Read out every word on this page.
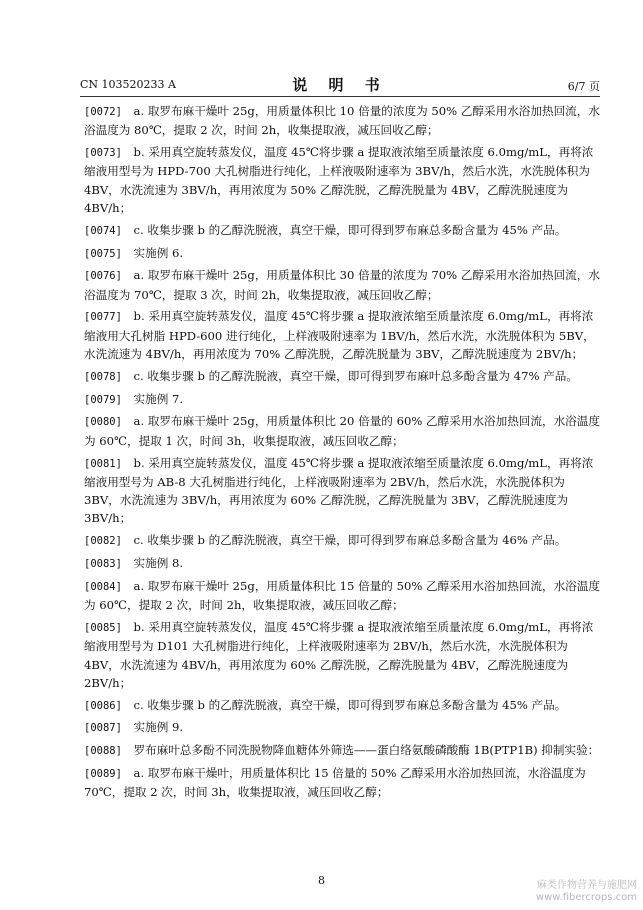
CN 103520233 A	说 明 书	6/7 页

[0072]  a. 取罗布麻干燥叶 25g，用质量体积比 10 倍量的浓度为 50% 乙醇采用水浴加热回流，水浴温度为 80℃，提取 2 次，时间 2h，收集提取液，减压回收乙醇；

[0073]  b. 采用真空旋转蒸发仪，温度 45℃将步骤 a 提取液浓缩至质量浓度 6.0mg/mL，再将浓缩液用型号为 HPD-700 大孔树脂进行纯化，上样液吸附速率为 3BV/h，然后水洗，水洗脱体积为 4BV，水洗流速为 3BV/h，再用浓度为 50% 乙醇洗脱，乙醇洗脱量为 4BV，乙醇洗脱速度为 4BV/h；

[0074]  c. 收集步骤 b 的乙醇洗脱液，真空干燥，即可得到罗布麻总多酚含量为 45% 产品。

[0075]  实施例 6.

[0076]  a. 取罗布麻干燥叶 25g，用质量体积比 30 倍量的浓度为 70% 乙醇采用水浴加热回流，水浴温度为 70℃，提取 3 次，时间 2h，收集提取液，减压回收乙醇；

[0077]  b. 采用真空旋转蒸发仪，温度 45℃将步骤 a 提取液浓缩至质量浓度 6.0mg/mL，再将浓缩液用大孔树脂 HPD-600 进行纯化，上样液吸附速率为 1BV/h，然后水洗，水洗脱体积为 5BV，水洗流速为 4BV/h，再用浓度为 70% 乙醇洗脱，乙醇洗脱量为 3BV，乙醇洗脱速度为 2BV/h；

[0078]  c. 收集步骤 b 的乙醇洗脱液，真空干燥，即可得到罗布麻叶总多酚含量为 47% 产品。

[0079]  实施例 7.

[0080]  a. 取罗布麻干燥叶 25g，用质量体积比 20 倍量的 60% 乙醇采用水浴加热回流，水浴温度为 60℃，提取 1 次，时间 3h，收集提取液，减压回收乙醇；

[0081]  b. 采用真空旋转蒸发仪，温度 45℃将步骤 a 提取液浓缩至质量浓度 6.0mg/mL，再将浓缩液用型号为 AB-8 大孔树脂进行纯化，上样液吸附速率为 2BV/h，然后水洗，水洗脱体积为 3BV，水洗流速为 3BV/h，再用浓度为 60% 乙醇洗脱，乙醇洗脱量为 3BV，乙醇洗脱速度为 3BV/h；

[0082]  c. 收集步骤 b 的乙醇洗脱液，真空干燥，即可得到罗布麻总多酚含量为 46% 产品。

[0083]  实施例 8.

[0084]  a. 取罗布麻干燥叶 25g，用质量体积比 15 倍量的 50% 乙醇采用水浴加热回流，水浴温度为 60℃，提取 2 次，时间 2h，收集提取液，减压回收乙醇；

[0085]  b. 采用真空旋转蒸发仪，温度 45℃将步骤 a 提取液浓缩至质量浓度 6.0mg/mL，再将浓缩液用型号为 D101 大孔树脂进行纯化，上样液吸附速率为 2BV/h，然后水洗，水洗脱体积为 4BV，水洗流速为 4BV/h，再用浓度为 60% 乙醇洗脱，乙醇洗脱量为 4BV，乙醇洗脱速度为 2BV/h；

[0086]  c. 收集步骤 b 的乙醇洗脱液，真空干燥，即可得到罗布麻总多酚含量为 45% 产品。

[0087]  实施例 9.

[0088]  罗布麻叶总多酚不同洗脱物降血糖体外筛选——蛋白络氨酸磷酸酶 1B(PTP1B) 抑制实验：

[0089]  a. 取罗布麻干燥叶，用质量体积比 15 倍量的 50% 乙醇采用水浴加热回流，水浴温度为 70℃，提取 2 次，时间 3h，收集提取液，减压回收乙醇；

8	麻类作物营养与施肥网
www.fibercrops.com
